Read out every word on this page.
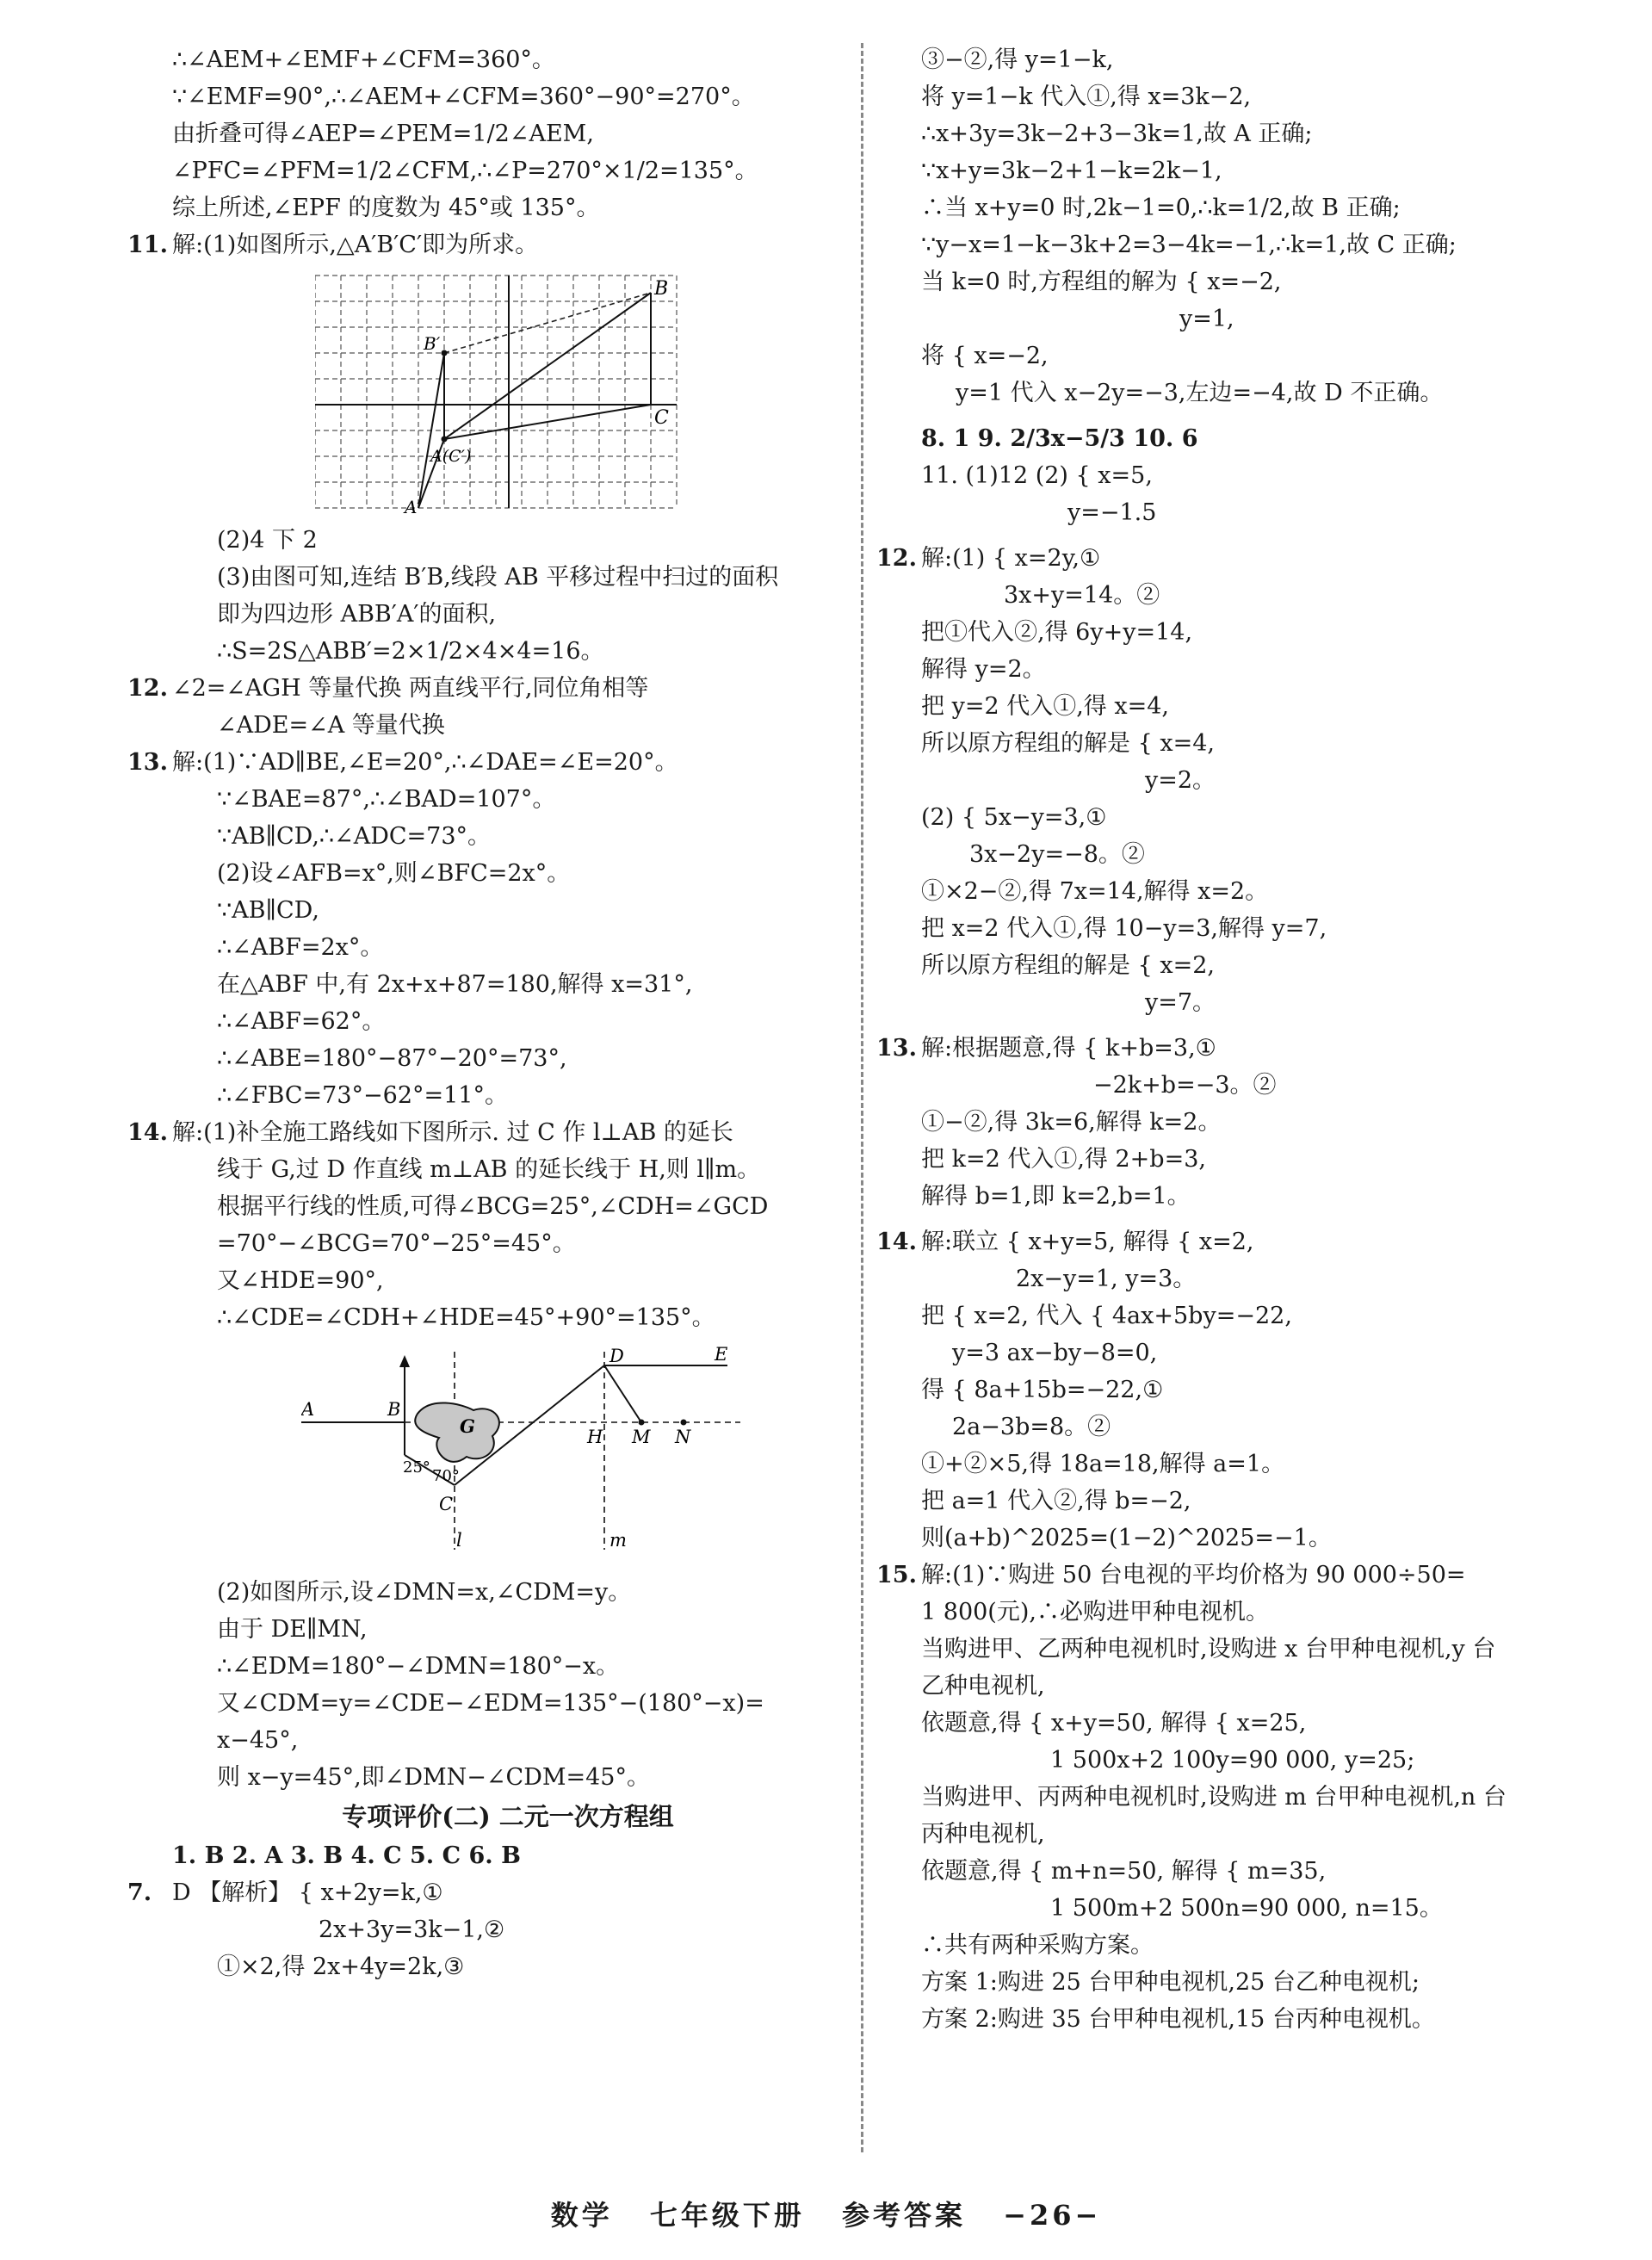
∴∠AEM+∠EMF+∠CFM=360°。
∵∠EMF=90°,∴∠AEM+∠CFM=360°−90°=270°。
由折叠可得∠AEP=∠PEM=1/2∠AEM,
∠PFC=∠PFM=1/2∠CFM,∴∠P=270°×1/2=135°。
综上所述,∠EPF 的度数为 45°或 135°。
11. 解:(1)如图所示,△A′B′C′即为所求。
B
B′
C
A(C′)
A′
(2)4 下 2
(3)由图可知,连结 B′B,线段 AB 平移过程中扫过的面积
即为四边形 ABB′A′的面积,
∴S=2S△ABB′=2×1/2×4×4=16。
12. ∠2=∠AGH 等量代换 两直线平行,同位角相等
∠ADE=∠A 等量代换
13. 解:(1)∵AD∥BE,∠E=20°,∴∠DAE=∠E=20°。
∵∠BAE=87°,∴∠BAD=107°。
∵AB∥CD,∴∠ADC=73°。
(2)设∠AFB=x°,则∠BFC=2x°。
∵AB∥CD,
∴∠ABF=2x°。
在△ABF 中,有 2x+x+87=180,解得 x=31°,
∴∠ABF=62°。
∴∠ABE=180°−87°−20°=73°,
∴∠FBC=73°−62°=11°。
14. 解:(1)补全施工路线如下图所示. 过 C 作 l⊥AB 的延长
线于 G,过 D 作直线 m⊥AB 的延长线于 H,则 l∥m。
根据平行线的性质,可得∠BCG=25°,∠CDH=∠GCD
=70°−∠BCG=70°−25°=45°。
又∠HDE=90°,
∴∠CDE=∠CDH+∠HDE=45°+90°=135°。
A	B
G
D	E
H M N
C
l	m
25° 70°
(2)如图所示,设∠DMN=x,∠CDM=y。
由于 DE∥MN,
∴∠EDM=180°−∠DMN=180°−x。
又∠CDM=y=∠CDE−∠EDM=135°−(180°−x)=
x−45°,
则 x−y=45°,即∠DMN−∠CDM=45°。
专项评价(二) 二元一次方程组
1. B 2. A 3. B 4. C 5. C 6. B
7. D 【解析】 { x+2y=k,①
2x+3y=3k−1,②
①×2,得 2x+4y=2k,③
③−②,得 y=1−k,
将 y=1−k 代入①,得 x=3k−2,
∴x+3y=3k−2+3−3k=1,故 A 正确;
∵x+y=3k−2+1−k=2k−1,
∴当 x+y=0 时,2k−1=0,∴k=1/2,故 B 正确;
∵y−x=1−k−3k+2=3−4k=−1,∴k=1,故 C 正确;
当 k=0 时,方程组的解为 { x=−2,
y=1,
将 { x=−2,
y=1 代入 x−2y=−3,左边=−4,故 D 不正确。
8. 1 9. 2/3x−5/3 10. 6
11. (1)12 (2) { x=5,
y=−1.5
12. 解:(1) { x=2y,①
3x+y=14。②
把①代入②,得 6y+y=14,
解得 y=2。
把 y=2 代入①,得 x=4,
所以原方程组的解是 { x=4,
y=2。
(2) { 5x−y=3,①
3x−2y=−8。②
①×2−②,得 7x=14,解得 x=2。
把 x=2 代入①,得 10−y=3,解得 y=7,
所以原方程组的解是 { x=2,
y=7。
13. 解:根据题意,得 { k+b=3,①
−2k+b=−3。②
①−②,得 3k=6,解得 k=2。
把 k=2 代入①,得 2+b=3,
解得 b=1,即 k=2,b=1。
14. 解:联立 { x+y=5, 解得 { x=2,
2x−y=1, y=3。
把 { x=2, 代入 { 4ax+5by=−22,
y=3 ax−by−8=0,
得 { 8a+15b=−22,①
2a−3b=8。②
①+②×5,得 18a=18,解得 a=1。
把 a=1 代入②,得 b=−2,
则(a+b)^2025=(1−2)^2025=−1。
15. 解:(1)∵购进 50 台电视的平均价格为 90 000÷50=
1 800(元),∴必购进甲种电视机。
当购进甲、乙两种电视机时,设购进 x 台甲种电视机,y 台
乙种电视机,
依题意,得 { x+y=50, 解得 { x=25,
1 500x+2 100y=90 000, y=25;
当购进甲、丙两种电视机时,设购进 m 台甲种电视机,n 台
丙种电视机,
依题意,得 { m+n=50, 解得 { m=35,
1 500m+2 500n=90 000, n=15。
∴共有两种采购方案。
方案 1:购进 25 台甲种电视机,25 台乙种电视机;
方案 2:购进 35 台甲种电视机,15 台丙种电视机。
数学 七年级下册 参考答案 −26−
